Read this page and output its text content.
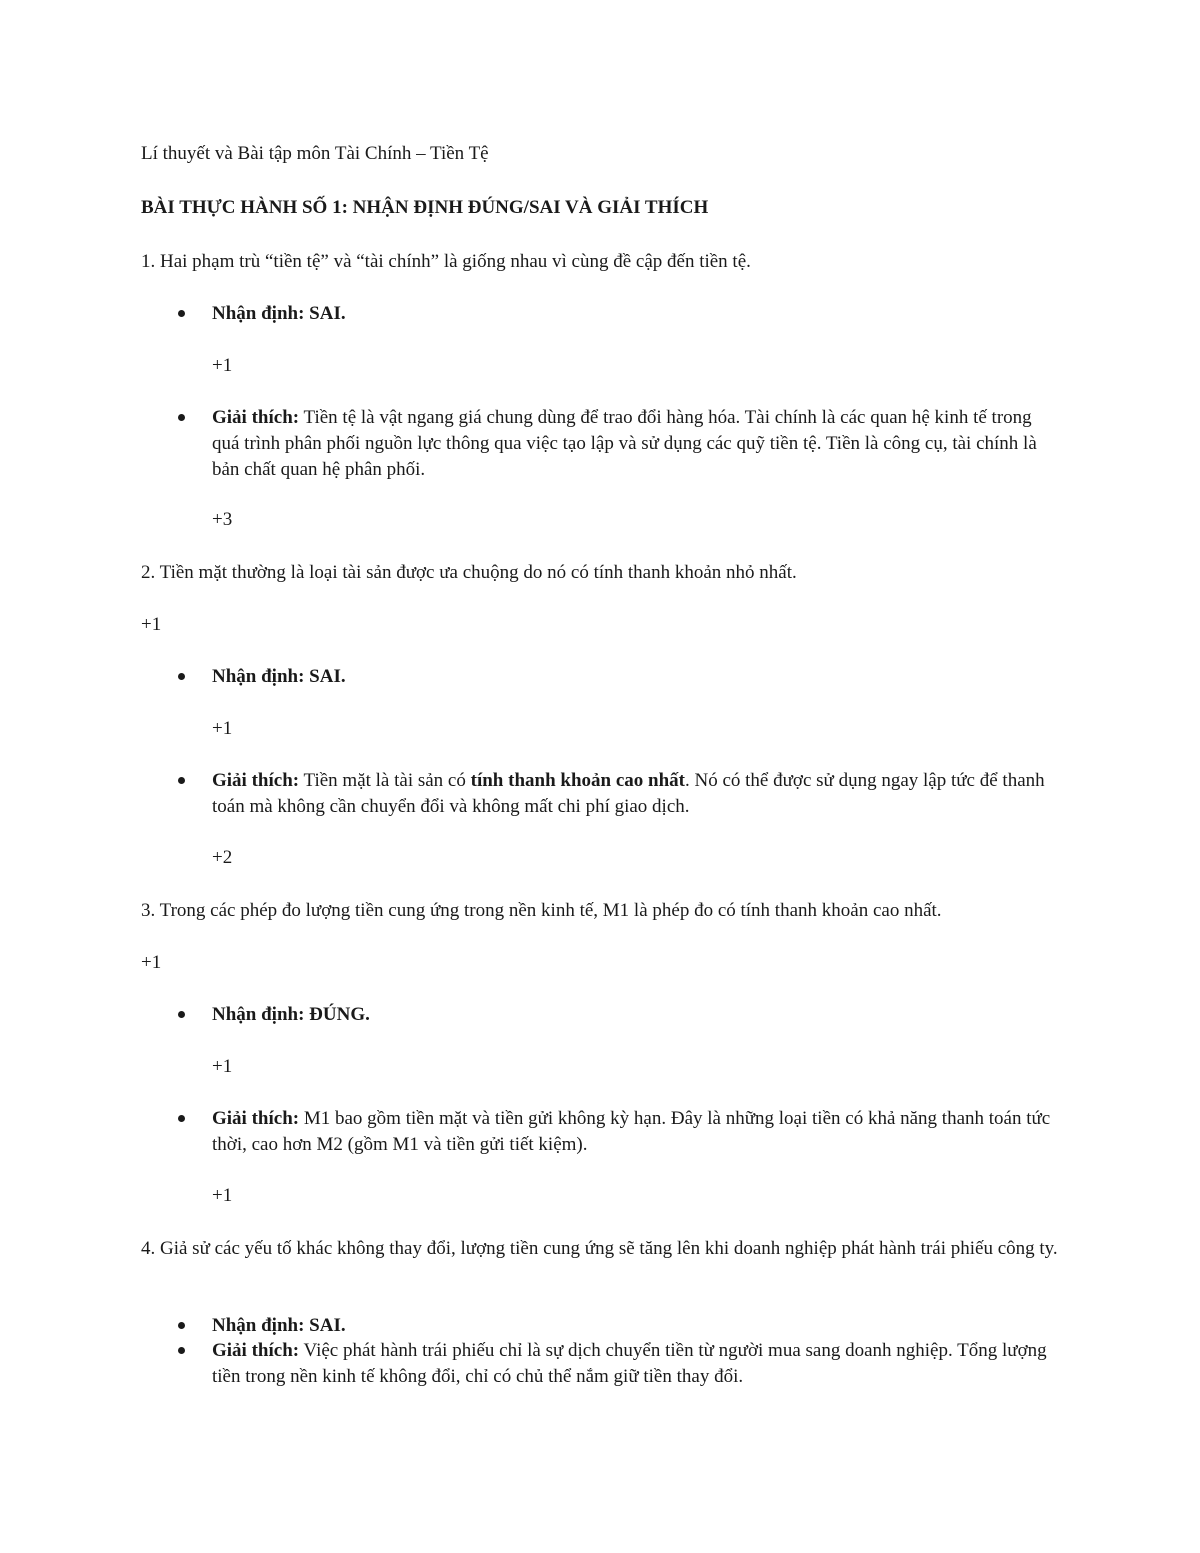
Lí thuyết và Bài tập môn Tài Chính – Tiền Tệ
BÀI THỰC HÀNH SỐ 1: NHẬN ĐỊNH ĐÚNG/SAI VÀ GIẢI THÍCH
1. Hai phạm trù “tiền tệ” và “tài chính” là giống nhau vì cùng đề cập đến tiền tệ.
Nhận định: SAI.
+1
Giải thích: Tiền tệ là vật ngang giá chung dùng để trao đổi hàng hóa. Tài chính là các quan hệ kinh tế trong quá trình phân phối nguồn lực thông qua việc tạo lập và sử dụng các quỹ tiền tệ. Tiền là công cụ, tài chính là bản chất quan hệ phân phối.
+3
2. Tiền mặt thường là loại tài sản được ưa chuộng do nó có tính thanh khoản nhỏ nhất.
+1
Nhận định: SAI.
+1
Giải thích: Tiền mặt là tài sản có tính thanh khoản cao nhất. Nó có thể được sử dụng ngay lập tức để thanh toán mà không cần chuyển đổi và không mất chi phí giao dịch.
+2
3. Trong các phép đo lượng tiền cung ứng trong nền kinh tế, M1 là phép đo có tính thanh khoản cao nhất.
+1
Nhận định: ĐÚNG.
+1
Giải thích: M1 bao gồm tiền mặt và tiền gửi không kỳ hạn. Đây là những loại tiền có khả năng thanh toán tức thời, cao hơn M2 (gồm M1 và tiền gửi tiết kiệm).
+1
4. Giả sử các yếu tố khác không thay đổi, lượng tiền cung ứng sẽ tăng lên khi doanh nghiệp phát hành trái phiếu công ty.
Nhận định: SAI.
Giải thích: Việc phát hành trái phiếu chỉ là sự dịch chuyển tiền từ người mua sang doanh nghiệp. Tổng lượng tiền trong nền kinh tế không đổi, chỉ có chủ thể nắm giữ tiền thay đổi.
